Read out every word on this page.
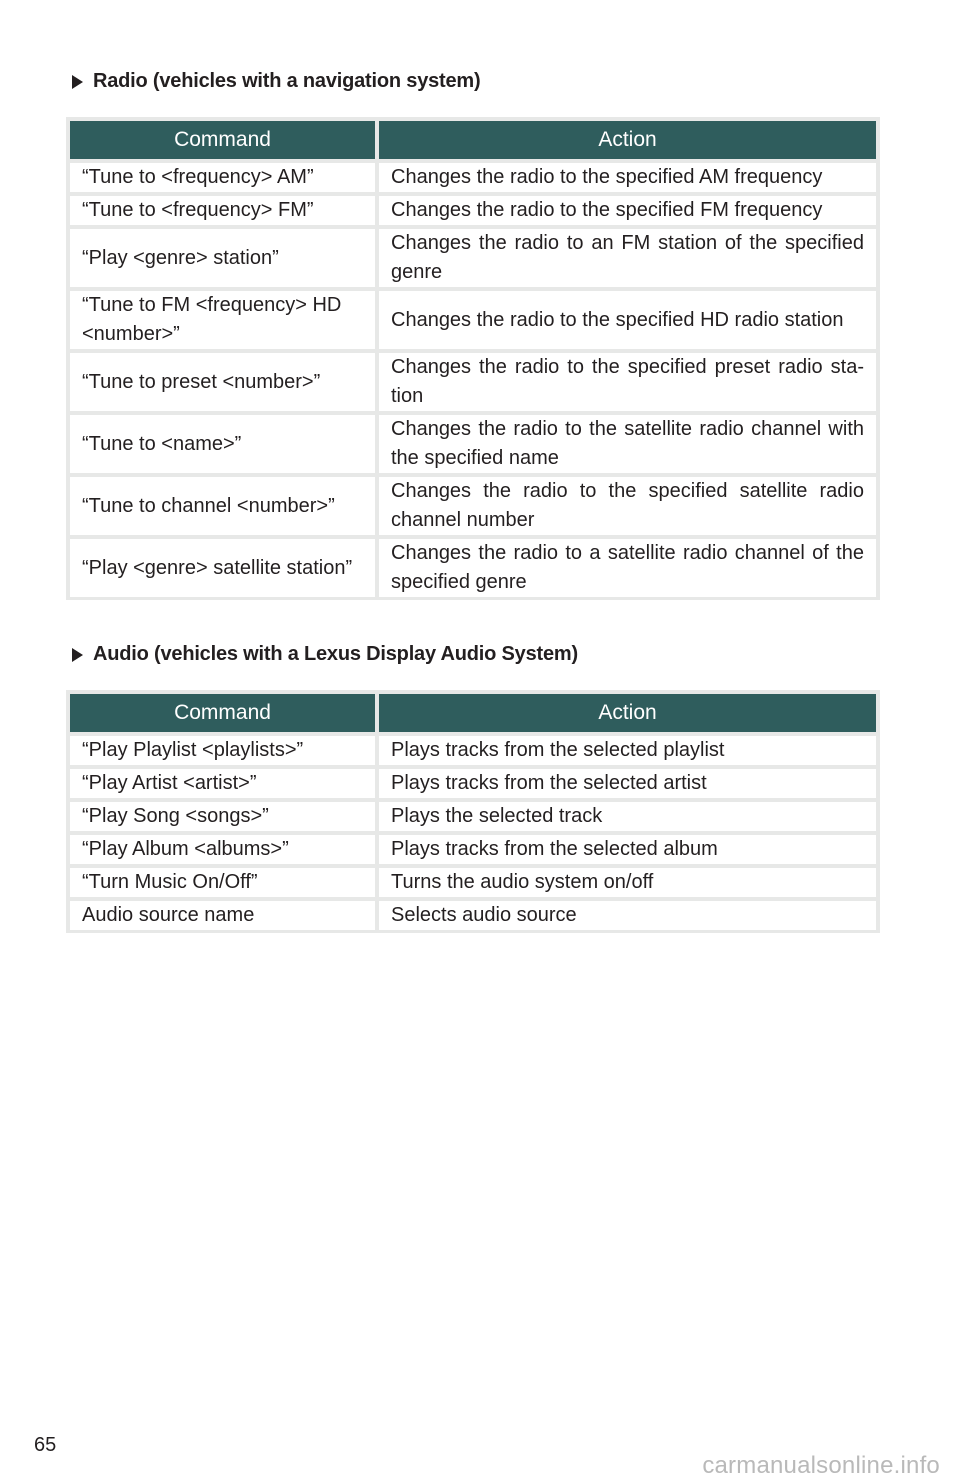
Radio (vehicles with a navigation system)
Command	Action
“Tune to <frequency> AM”	Changes the radio to the specified AM frequency
“Tune to <frequency> FM”	Changes the radio to the specified FM frequency
“Play <genre> station”	Changes the radio to an FM station of the specified genre
“Tune to FM <frequency> HD <number>”	Changes the radio to the specified HD radio station
“Tune to preset <number>”	Changes the radio to the specified preset radio sta-tion
“Tune to <name>”	Changes the radio to the satellite radio channel with the specified name
“Tune to channel <number>”	Changes the radio to the specified satellite radio channel number
“Play <genre> satellite station”	Changes the radio to a satellite radio channel of the specified genre
Audio (vehicles with a Lexus Display Audio System)
Command	Action
“Play Playlist <playlists>”	Plays tracks from the selected playlist
“Play Artist <artist>”	Plays tracks from the selected artist
“Play Song <songs>”	Plays the selected track
“Play Album <albums>”	Plays tracks from the selected album
“Turn Music On/Off”	Turns the audio system on/off
Audio source name	Selects audio source
65
carmanualsonline.info
